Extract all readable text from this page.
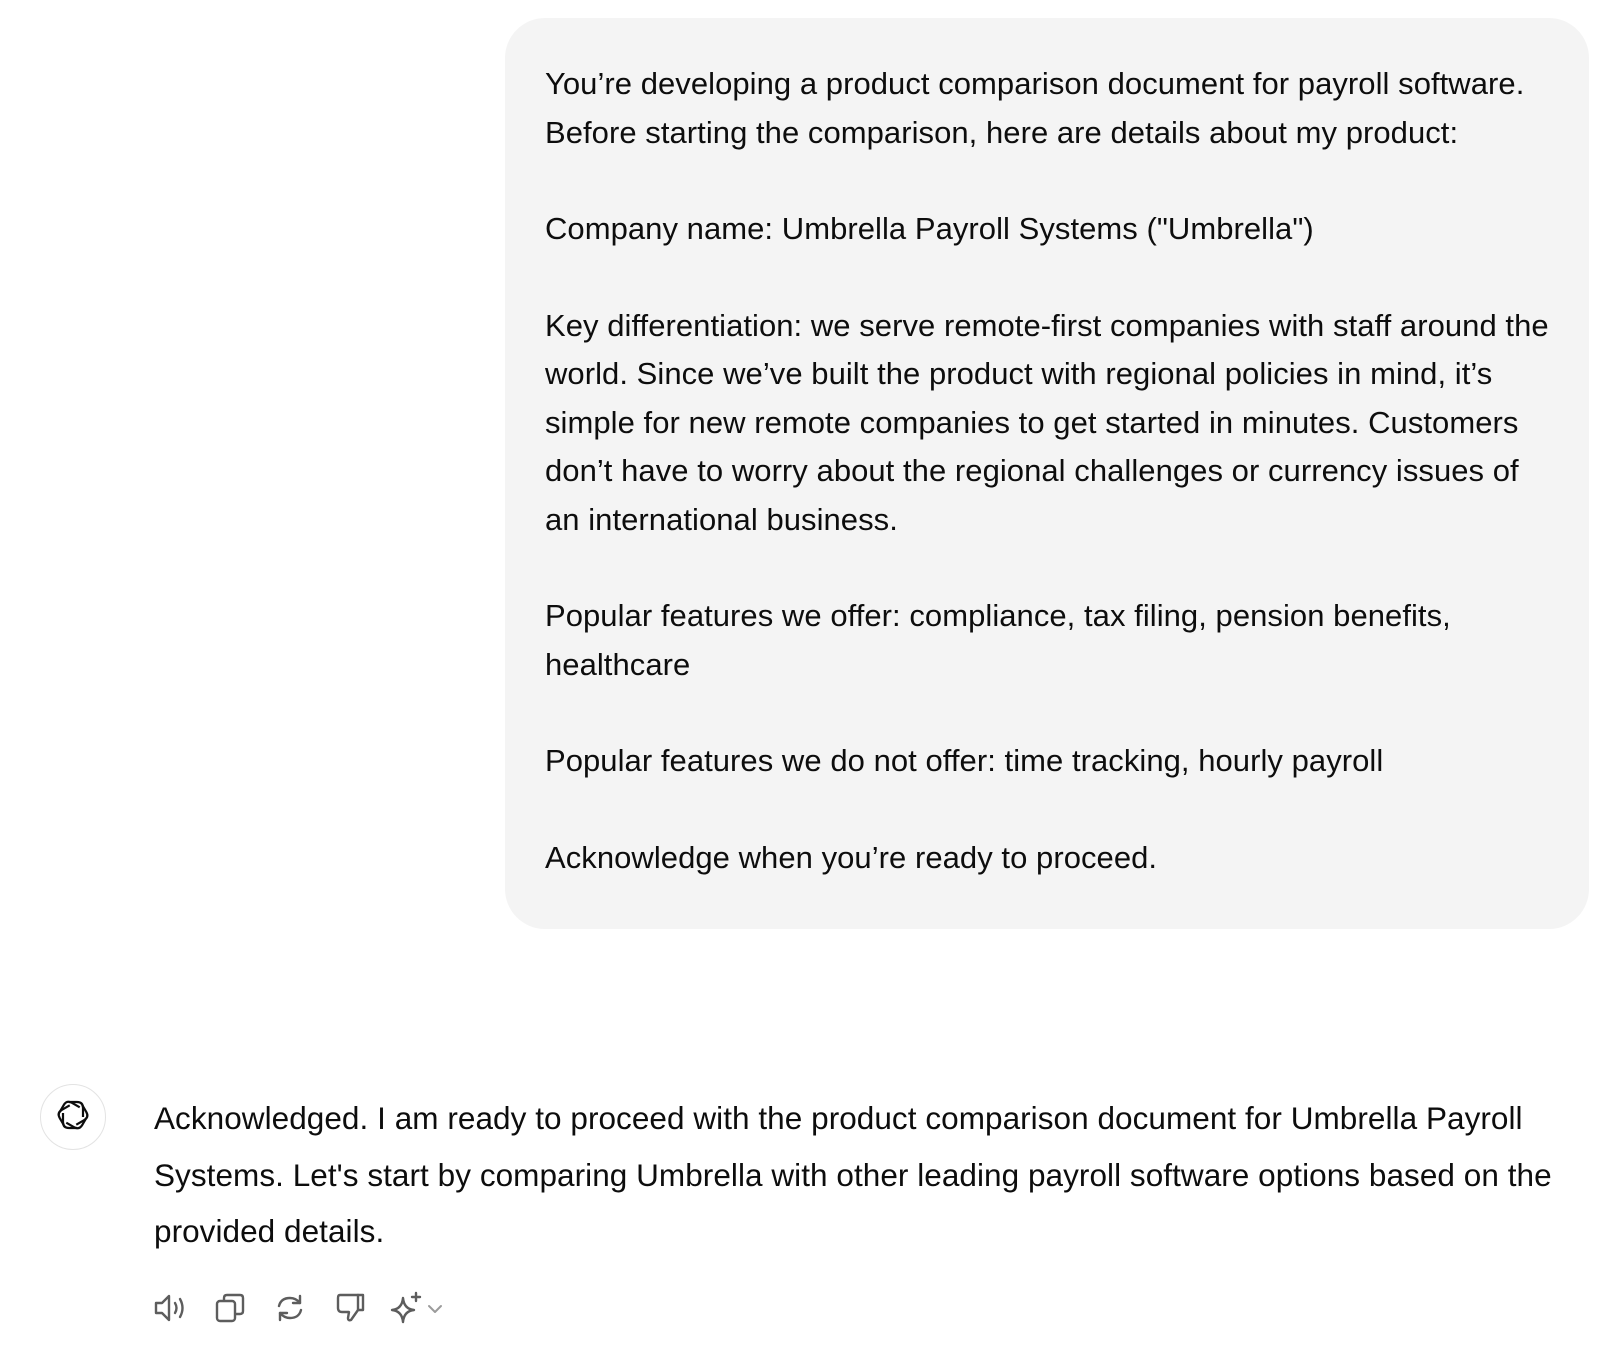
You’re developing a product comparison document for payroll software. Before starting the comparison, here are details about my product:

Company name: Umbrella Payroll Systems ("Umbrella")

Key differentiation: we serve remote-first companies with staff around the world. Since we’ve built the product with regional policies in mind, it’s simple for new remote companies to get started in minutes. Customers don’t have to worry about the regional challenges or currency issues of an international business.

Popular features we offer: compliance, tax filing, pension benefits, healthcare

Popular features we do not offer: time tracking, hourly payroll

Acknowledge when you’re ready to proceed.

Acknowledged. I am ready to proceed with the product comparison document for Umbrella Payroll Systems. Let's start by comparing Umbrella with other leading payroll software options based on the provided details.
